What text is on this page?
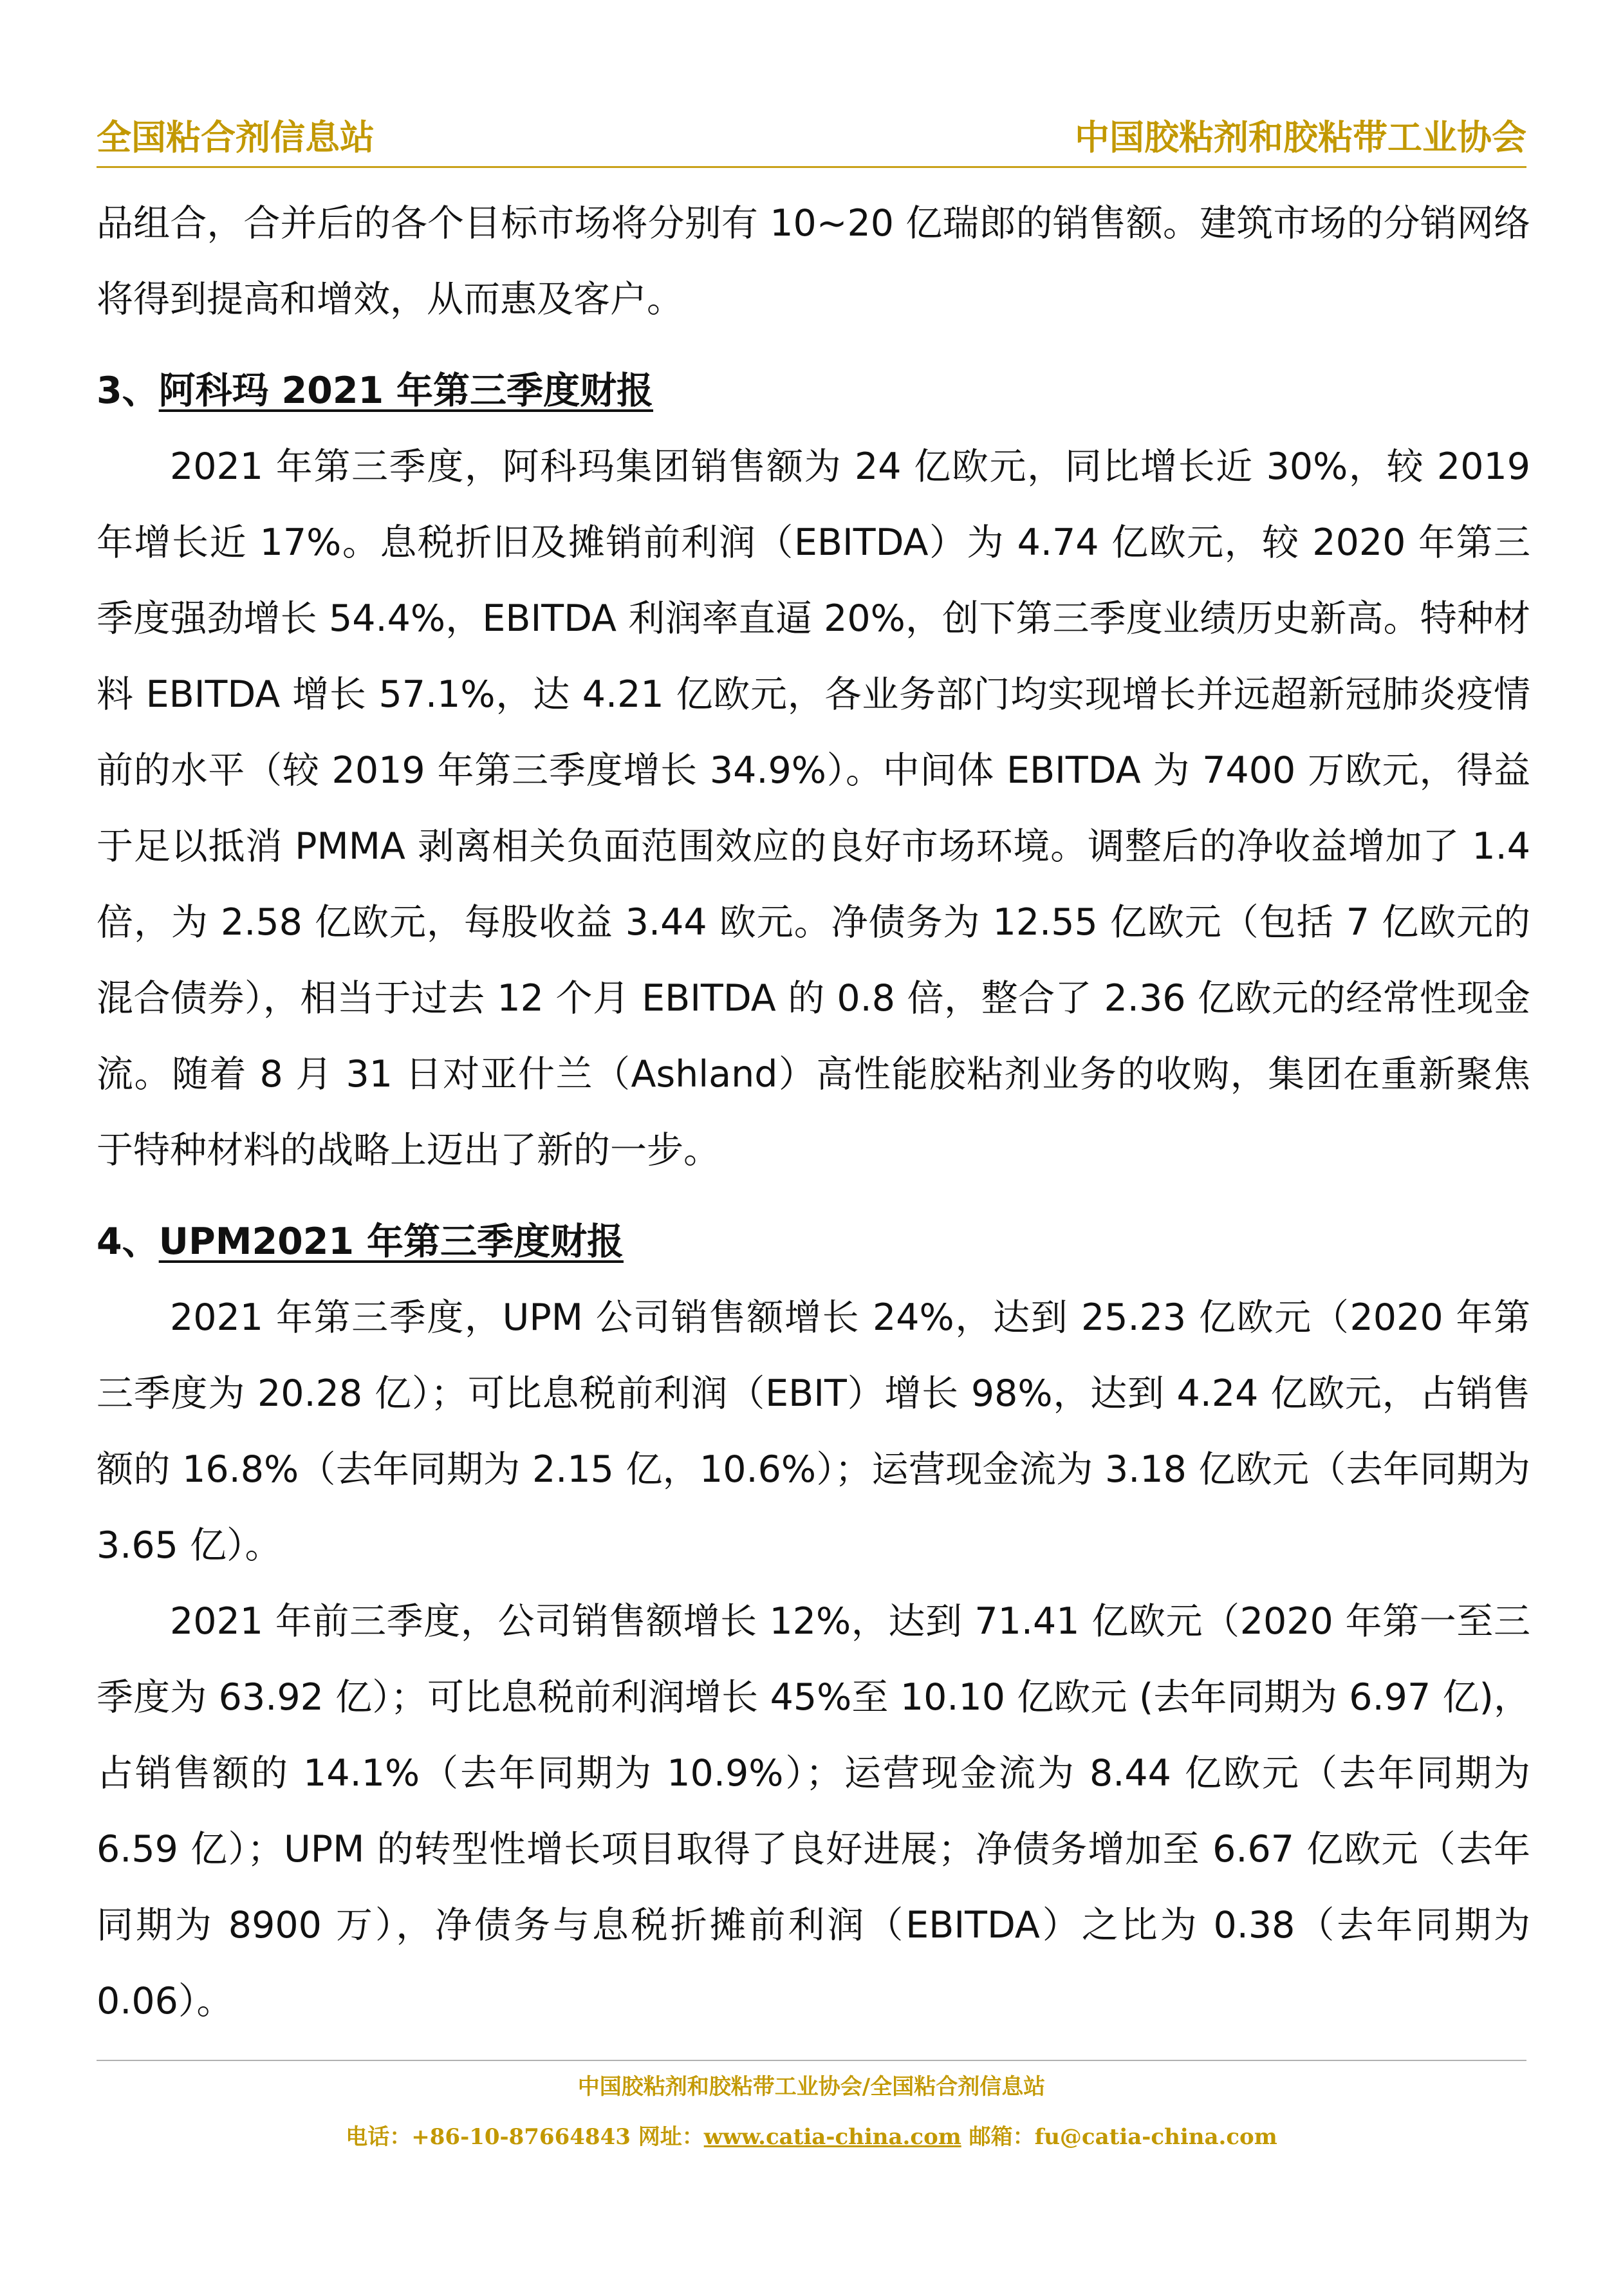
全国粘合剂信息站	中国胶粘剂和胶粘带工业协会

品组合，合并后的各个目标市场将分别有 10~20 亿瑞郎的销售额。建筑市场的分销网络将得到提高和增效，从而惠及客户。

3、阿科玛 2021 年第三季度财报

2021 年第三季度，阿科玛集团销售额为 24 亿欧元，同比增长近 30%，较 2019 年增长近 17%。息税折旧及摊销前利润（EBITDA）为 4.74 亿欧元，较 2020 年第三季度强劲增长 54.4%，EBITDA 利润率直逼 20%，创下第三季度业绩历史新高。特种材料 EBITDA 增长 57.1%，达 4.21 亿欧元，各业务部门均实现增长并远超新冠肺炎疫情前的水平（较 2019 年第三季度增长 34.9%）。中间体 EBITDA 为 7400 万欧元，得益于足以抵消 PMMA 剥离相关负面范围效应的良好市场环境。调整后的净收益增加了 1.4 倍，为 2.58 亿欧元，每股收益 3.44 欧元。净债务为 12.55 亿欧元（包括 7 亿欧元的混合债券），相当于过去 12 个月 EBITDA 的 0.8 倍，整合了 2.36 亿欧元的经常性现金流。随着 8 月 31 日对亚什兰（Ashland）高性能胶粘剂业务的收购，集团在重新聚焦于特种材料的战略上迈出了新的一步。

4、UPM2021 年第三季度财报

2021 年第三季度，UPM 公司销售额增长 24%，达到 25.23 亿欧元（2020 年第三季度为 20.28 亿）；可比息税前利润（EBIT）增长 98%，达到 4.24 亿欧元，占销售额的 16.8%（去年同期为 2.15 亿，10.6%）；运营现金流为 3.18 亿欧元（去年同期为 3.65 亿）。

2021 年前三季度，公司销售额增长 12%，达到 71.41 亿欧元（2020 年第一至三季度为 63.92 亿）；可比息税前利润增长 45%至 10.10 亿欧元 (去年同期为 6.97 亿)，占销售额的 14.1%（去年同期为 10.9%）；运营现金流为 8.44 亿欧元（去年同期为 6.59 亿）；UPM 的转型性增长项目取得了良好进展；净债务增加至 6.67 亿欧元（去年同期为 8900 万），净债务与息税折摊前利润（EBITDA）之比为 0.38（去年同期为 0.06）。

中国胶粘剂和胶粘带工业协会/全国粘合剂信息站
电话：+86-10-87664843 网址：www.catia-china.com 邮箱：fu@catia-china.com
